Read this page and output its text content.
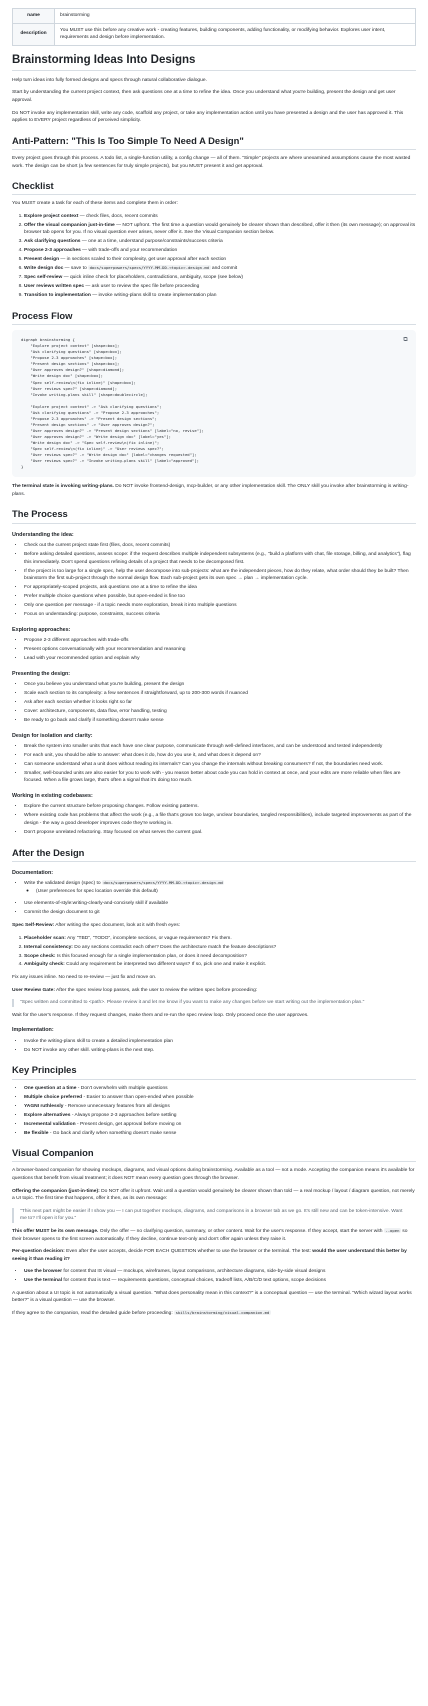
name	brainstorming
description	You MUST use this before any creative work - creating features, building components, adding functionality, or modifying behavior. Explores user intent, requirements and design before implementation.
Brainstorming Ideas Into Designs

Help turn ideas into fully formed designs and specs through natural collaborative dialogue.

Start by understanding the current project context, then ask questions one at a time to refine the idea. Once you understand what you're building, present the design and get user approval.

Do NOT invoke any implementation skill, write any code, scaffold any project, or take any implementation action until you have presented a design and the user has approved it. This applies to EVERY project regardless of perceived simplicity.

Anti-Pattern: "This Is Too Simple To Need A Design"

Every project goes through this process. A todo list, a single-function utility, a config change — all of them. "Simple" projects are where unexamined assumptions cause the most wasted work. The design can be short (a few sentences for truly simple projects), but you MUST present it and get approval.

Checklist

You MUST create a task for each of these items and complete them in order:

1. Explore project context — check files, docs, recent commits
2. Offer the visual companion just-in-time — NOT upfront. The first time a question would genuinely be clearer shown than described, offer it then (its own message); on approval its browser tab opens for you. If no visual question ever arises, never offer it. See the Visual Companion section below.
3. Ask clarifying questions — one at a time, understand purpose/constraints/success criteria
4. Propose 2-3 approaches — with trade-offs and your recommendation
5. Present design — in sections scaled to their complexity, get user approval after each section
6. Write design doc — save to docs/superpowers/specs/YYYY-MM-DD-<topic>-design.md and commit
7. Spec self-review — quick inline check for placeholders, contradictions, ambiguity, scope (see below)
8. User reviews written spec — ask user to review the spec file before proceeding
9. Transition to implementation — invoke writing-plans skill to create implementation plan
Process Flow
⧉
digraph brainstorming {
"Explore project context" [shape=box];
"Ask clarifying questions" [shape=box];
"Propose 2-3 approaches" [shape=box];
"Present design sections" [shape=box];
"User approves design?" [shape=diamond];
"Write design doc" [shape=box];
"Spec self-review\n(fix inline)" [shape=box];
"User reviews spec?" [shape=diamond];
"Invoke writing-plans skill" [shape=doublecircle];

"Explore project context" -> "Ask clarifying questions";
"Ask clarifying questions" -> "Propose 2-3 approaches";
"Propose 2-3 approaches" -> "Present design sections";
"Present design sections" -> "User approves design?";
"User approves design?" -> "Present design sections" [label="no, revise"];
"User approves design?" -> "Write design doc" [label="yes"];
"Write design doc" -> "Spec self-review\n(fix inline)";
"Spec self-review\n(fix inline)" -> "User reviews spec?";
"User reviews spec?" -> "Write design doc" [label="changes requested"];
"User reviews spec?" -> "Invoke writing-plans skill" [label="approved"];
}

The terminal state is invoking writing-plans. Do NOT invoke frontend-design, mcp-builder, or any other implementation skill. The ONLY skill you invoke after brainstorming is writing-plans.

The Process
Understanding the idea:
• Check out the current project state first (files, docs, recent commits)
• Before asking detailed questions, assess scope: if the request describes multiple independent subsystems (e.g., "build a platform with chat, file storage, billing, and analytics"), flag this immediately. Don't spend questions refining details of a project that needs to be decomposed first.
• If the project is too large for a single spec, help the user decompose into sub-projects: what are the independent pieces, how do they relate, what order should they be built? Then brainstorm the first sub-project through the normal design flow. Each sub-project gets its own spec → plan → implementation cycle.
• For appropriately-scoped projects, ask questions one at a time to refine the idea
• Prefer multiple choice questions when possible, but open-ended is fine too
• Only one question per message - if a topic needs more exploration, break it into multiple questions
• Focus on understanding: purpose, constraints, success criteria
Exploring approaches:
• Propose 2-3 different approaches with trade-offs
• Present options conversationally with your recommendation and reasoning
• Lead with your recommended option and explain why
Presenting the design:
• Once you believe you understand what you're building, present the design
• Scale each section to its complexity: a few sentences if straightforward, up to 200-300 words if nuanced
• Ask after each section whether it looks right so far
• Cover: architecture, components, data flow, error handling, testing
• Be ready to go back and clarify if something doesn't make sense
Design for isolation and clarity:
• Break the system into smaller units that each have one clear purpose, communicate through well-defined interfaces, and can be understood and tested independently
• For each unit, you should be able to answer: what does it do, how do you use it, and what does it depend on?
• Can someone understand what a unit does without reading its internals? Can you change the internals without breaking consumers? If not, the boundaries need work.
• Smaller, well-bounded units are also easier for you to work with - you reason better about code you can hold in context at once, and your edits are more reliable when files are focused. When a file grows large, that's often a signal that it's doing too much.
Working in existing codebases:
• Explore the current structure before proposing changes. Follow existing patterns.
• Where existing code has problems that affect the work (e.g., a file that's grown too large, unclear boundaries, tangled responsibilities), include targeted improvements as part of the design - the way a good developer improves code they're working in.
• Don't propose unrelated refactoring. Stay focused on what serves the current goal.
After the Design
Documentation:
• Write the validated design (spec) to docs/superpowers/specs/YYYY-MM-DD-<topic>-design.md
◦ (User preferences for spec location override this default)
• Use elements-of-style:writing-clearly-and-concisely skill if available
• Commit the design document to git

Spec Self-Review: After writing the spec document, look at it with fresh eyes:

1. Placeholder scan: Any "TBD", "TODO", incomplete sections, or vague requirements? Fix them.
2. Internal consistency: Do any sections contradict each other? Does the architecture match the feature descriptions?
3. Scope check: Is this focused enough for a single implementation plan, or does it need decomposition?
4. Ambiguity check: Could any requirement be interpreted two different ways? If so, pick one and make it explicit.

Fix any issues inline. No need to re-review — just fix and move on.

User Review Gate: After the spec review loop passes, ask the user to review the written spec before proceeding:

"Spec written and committed to <path>. Please review it and let me know if you want to make any changes before we start writing out the implementation plan."

Wait for the user's response. If they request changes, make them and re-run the spec review loop. Only proceed once the user approves.

Implementation:
• Invoke the writing-plans skill to create a detailed implementation plan
• Do NOT invoke any other skill. writing-plans is the next step.
Key Principles
• One question at a time - Don't overwhelm with multiple questions
• Multiple choice preferred - Easier to answer than open-ended when possible
• YAGNI ruthlessly - Remove unnecessary features from all designs
• Explore alternatives - Always propose 2-3 approaches before settling
• Incremental validation - Present design, get approval before moving on
• Be flexible - Go back and clarify when something doesn't make sense
Visual Companion

A browser-based companion for showing mockups, diagrams, and visual options during brainstorming. Available as a tool — not a mode. Accepting the companion means it's available for questions that benefit from visual treatment; it does NOT mean every question goes through the browser.

Offering the companion (just-in-time): Do NOT offer it upfront. Wait until a question would genuinely be clearer shown than told — a real mockup / layout / diagram question, not merely a UI topic. The first time that happens, offer it then, as its own message:

"This next part might be easier if I show you — I can put together mockups, diagrams, and comparisons in a browser tab as we go. It's still new and can be token-intensive. Want me to? I'll open it for you."

This offer MUST be its own message. Only the offer — no clarifying question, summary, or other content. Wait for the user's response. If they accept, start the server with --open so their browser opens to the first screen automatically. If they decline, continue text-only and don't offer again unless they raise it.

Per-question decision: Even after the user accepts, decide FOR EACH QUESTION whether to use the browser or the terminal. The test: would the user understand this better by seeing it than reading it?

• Use the browser for content that IS visual — mockups, wireframes, layout comparisons, architecture diagrams, side-by-side visual designs
• Use the terminal for content that is text — requirements questions, conceptual choices, tradeoff lists, A/B/C/D text options, scope decisions

A question about a UI topic is not automatically a visual question. "What does personality mean in this context?" is a conceptual question — use the terminal. "Which wizard layout works better?" is a visual question — use the browser.

If they agree to the companion, read the detailed guide before proceeding: skills/brainstorming/visual-companion.md
